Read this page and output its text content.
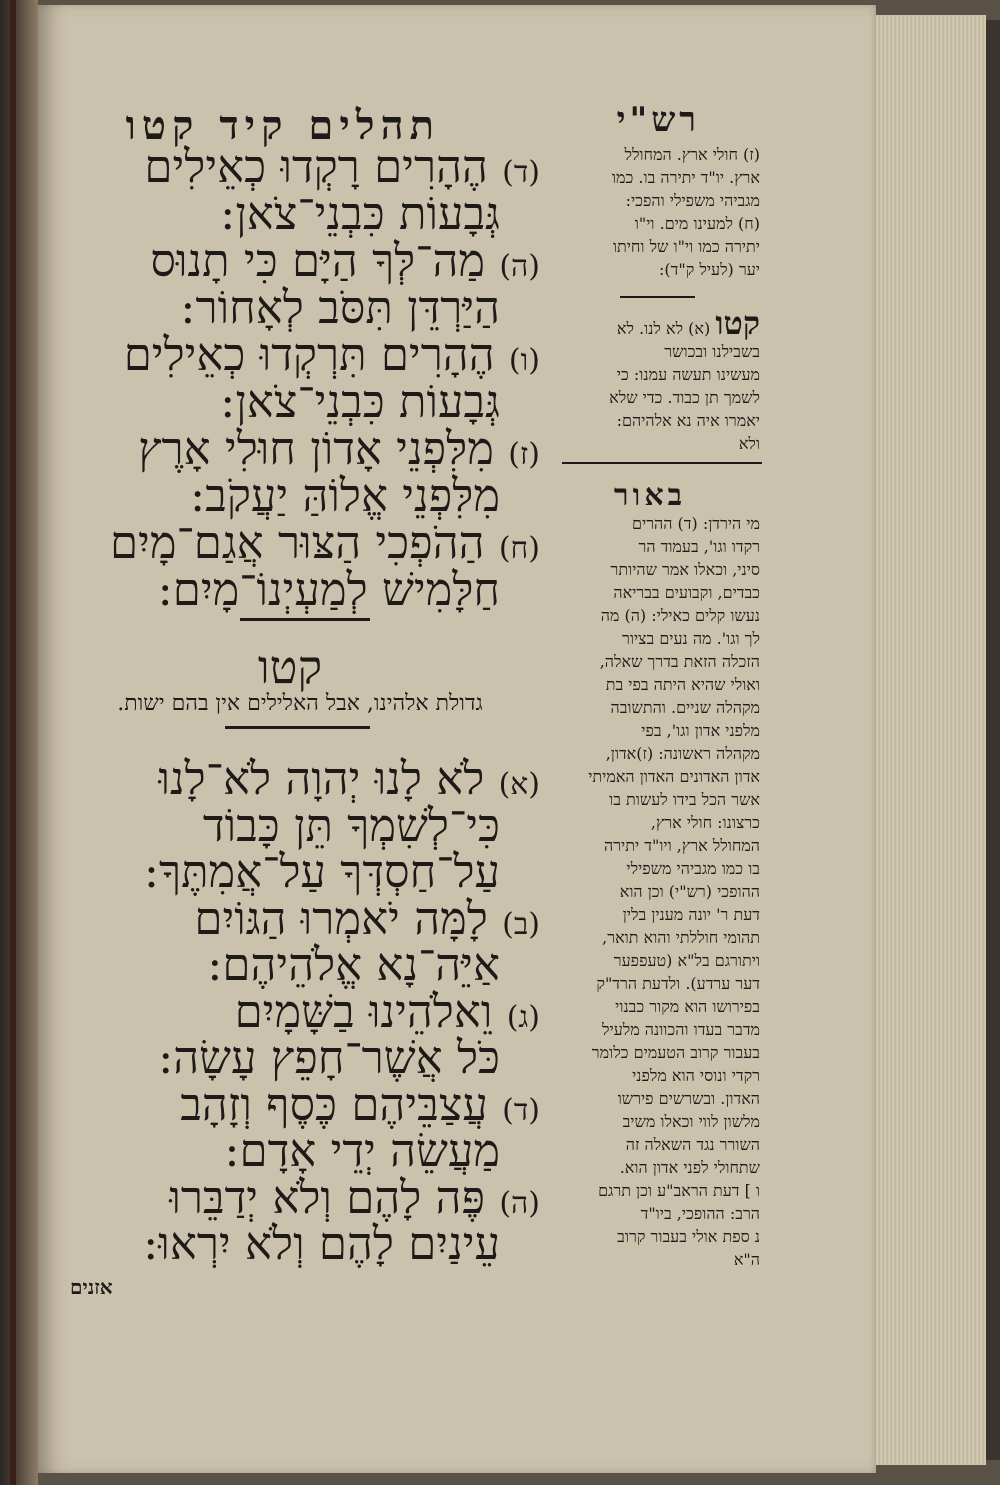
תהלים קיד קטו
(ד) הֶהָרִים רָקְדוּ כְאֵילִים
גְּבָעוֹת כִּבְנֵי־צֹאן:
(ה) מַה־לְּךָ הַיָּם כִּי תָנוּס
הַיַּרְדֵּן תִּסֹּב לְאָחוֹר:
(ו) הֶהָרִים תִּרְקְדוּ כְאֵילִים
גְּבָעוֹת כִּבְנֵי־צֹאן:
(ז) מִלִּפְנֵי אָדוֹן חוּלִי אָרֶץ
מִלִּפְנֵי אֱלוֹהַּ יַעֲקֹב:
(ח) הַהֹפְכִי הַצּוּר אֲגַם־מָיִם
חַלָּמִישׁ לְמַעְיְנוֹ־מָיִם:
קטו
גדולת אלהינו, אבל האלילים אין בהם ישות.
(א) לֹא לָנוּ יְהוָה לֹא־לָנוּ
כִּי־לְשִׁמְךָ תֵּן כָּבוֹד
עַל־חַסְדְּךָ עַל־אֲמִתֶּךָ:
(ב) לָמָּה יֹאמְרוּ הַגּוֹיִם
אַיֵּה־נָא אֱלֹהֵיהֶם:
(ג) וֵאלֹהֵינוּ בַשָּׁמָיִם
כֹּל אֲשֶׁר־חָפֵץ עָשָׂה:
(ד) עֲצַבֵּיהֶם כֶּסֶף וְזָהָב
מַעֲשֵׂה יְדֵי אָדָם:
(ה) פֶּה לָהֶם וְלֹא יְדַבֵּרוּ
עֵינַיִם לָהֶם וְלֹא יִרְאוּ:
אזנים
רש"י
(ז) חולי ארץ. המחולל
ארץ. יו"ד יתירה בו. כמו
מגביהי משפילי והפכי:
(ח) למעינו מים. וי"ו
יתירה כמו וי"ו של וחיתו
יער (לעיל ק"ד):
קטו (א) לא לנו. לא
בשבילנו ובכושר
מעשינו תעשה עמנו: כי
לשמך תן כבוד. כדי שלא
יאמרו איה נא אלהיהם:
ולא
באור
מי הירדן: (ד) ההרים
רקדו וגו', בעמוד הר
סיני, וכאלו אמר שהיותר
כבדים, וקבועים בבריאה
נעשו קלים כאילי: (ה) מה
לך וגו'. מה נעים בציור
הזכלה הזאת בדרך שאלה,
ואולי שהיא היתה בפי בת
מקהלה שניים. והתשובה
מלפני אדון וגו', בפי
מקהלה ראשונה: (ז)אדון,
אדון האדונים האדון האמיתי
אשר הכל בידו לעשות בו
כרצונו: חולי ארץ,
המחולל ארץ, ויו"ד יתירה
בו כמו מגביהי משפילי
ההופכי (רש"י) וכן הוא
דעת ר' יונה מענין בלין
תהומי חוללתי והוא תואר,
ויתורגם בל"א (טעפפער
דער ערדע). ולדעת הרד"ק
בפירושו הוא מקור כבנוי
מדבר בעדו והכוונה מלעיל
בעבור קרוב הטעמים כלומר
רקדי ונוסי הוא מלפני
האדון. ובשרשים פירשו
מלשון לווי וכאלו משיב
השורר נגד השאלה זה
שתחולי לפני אדון הוא.
ו ] דעת הראב"ע וכן תרגם
הרב: ההופכי, ביו"ד
נ ספת אולי בעבור קרוב
ה"א
